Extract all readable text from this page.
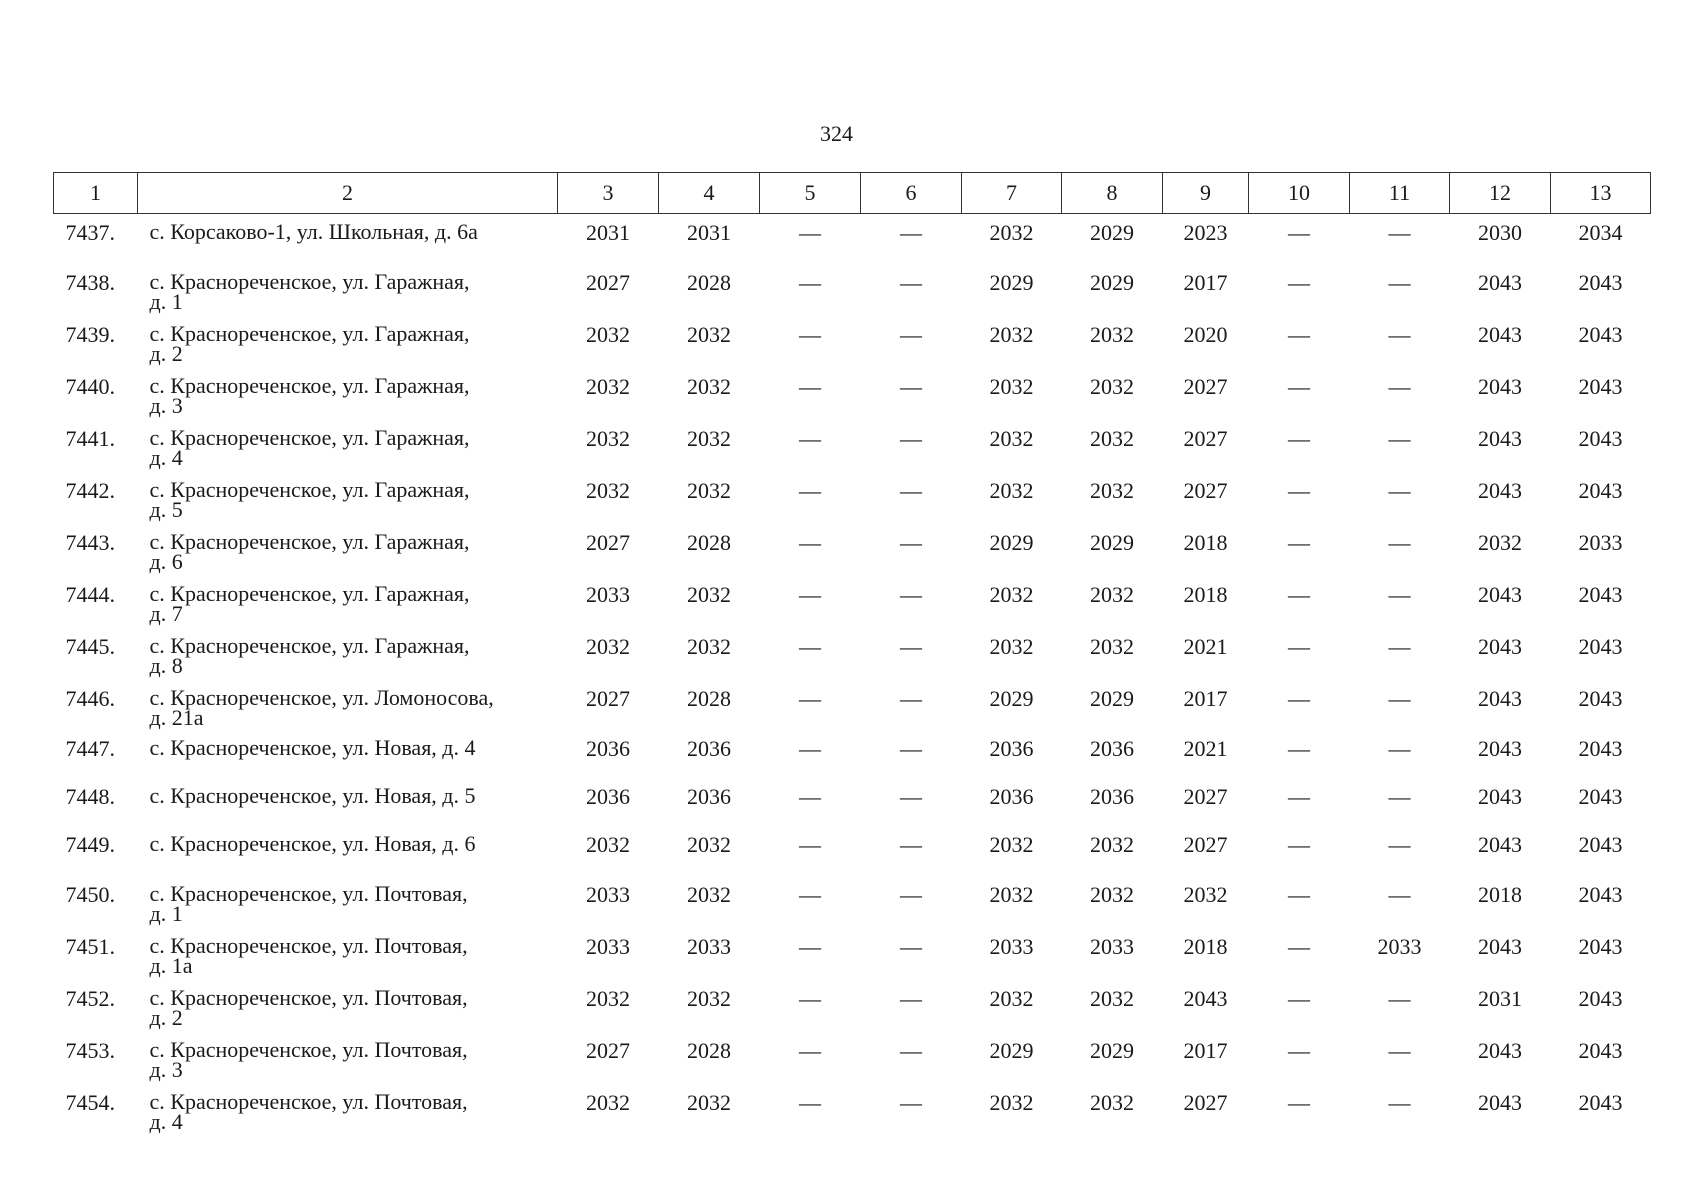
324
1	2	3	4	5	6	7	8	9	10	11	12	13
7437.	с. Корсаково-1, ул. Школьная, д. 6а	2031	2031	—	—	2032	2029	2023	—	—	2030	2034
7438.	с. Краснореченское, ул. Гаражная,
д. 1	2027	2028	—	—	2029	2029	2017	—	—	2043	2043
7439.	с. Краснореченское, ул. Гаражная,
д. 2	2032	2032	—	—	2032	2032	2020	—	—	2043	2043
7440.	с. Краснореченское, ул. Гаражная,
д. 3	2032	2032	—	—	2032	2032	2027	—	—	2043	2043
7441.	с. Краснореченское, ул. Гаражная,
д. 4	2032	2032	—	—	2032	2032	2027	—	—	2043	2043
7442.	с. Краснореченское, ул. Гаражная,
д. 5	2032	2032	—	—	2032	2032	2027	—	—	2043	2043
7443.	с. Краснореченское, ул. Гаражная,
д. 6	2027	2028	—	—	2029	2029	2018	—	—	2032	2033
7444.	с. Краснореченское, ул. Гаражная,
д. 7	2033	2032	—	—	2032	2032	2018	—	—	2043	2043
7445.	с. Краснореченское, ул. Гаражная,
д. 8	2032	2032	—	—	2032	2032	2021	—	—	2043	2043
7446.	с. Краснореченское, ул. Ломоносова,
д. 21а	2027	2028	—	—	2029	2029	2017	—	—	2043	2043
7447.	с. Краснореченское, ул. Новая, д. 4	2036	2036	—	—	2036	2036	2021	—	—	2043	2043
7448.	с. Краснореченское, ул. Новая, д. 5	2036	2036	—	—	2036	2036	2027	—	—	2043	2043
7449.	с. Краснореченское, ул. Новая, д. 6	2032	2032	—	—	2032	2032	2027	—	—	2043	2043
7450.	с. Краснореченское, ул. Почтовая,
д. 1	2033	2032	—	—	2032	2032	2032	—	—	2018	2043
7451.	с. Краснореченское, ул. Почтовая,
д. 1а	2033	2033	—	—	2033	2033	2018	—	2033	2043	2043
7452.	с. Краснореченское, ул. Почтовая,
д. 2	2032	2032	—	—	2032	2032	2043	—	—	2031	2043
7453.	с. Краснореченское, ул. Почтовая,
д. 3	2027	2028	—	—	2029	2029	2017	—	—	2043	2043
7454.	с. Краснореченское, ул. Почтовая,
д. 4	2032	2032	—	—	2032	2032	2027	—	—	2043	2043
